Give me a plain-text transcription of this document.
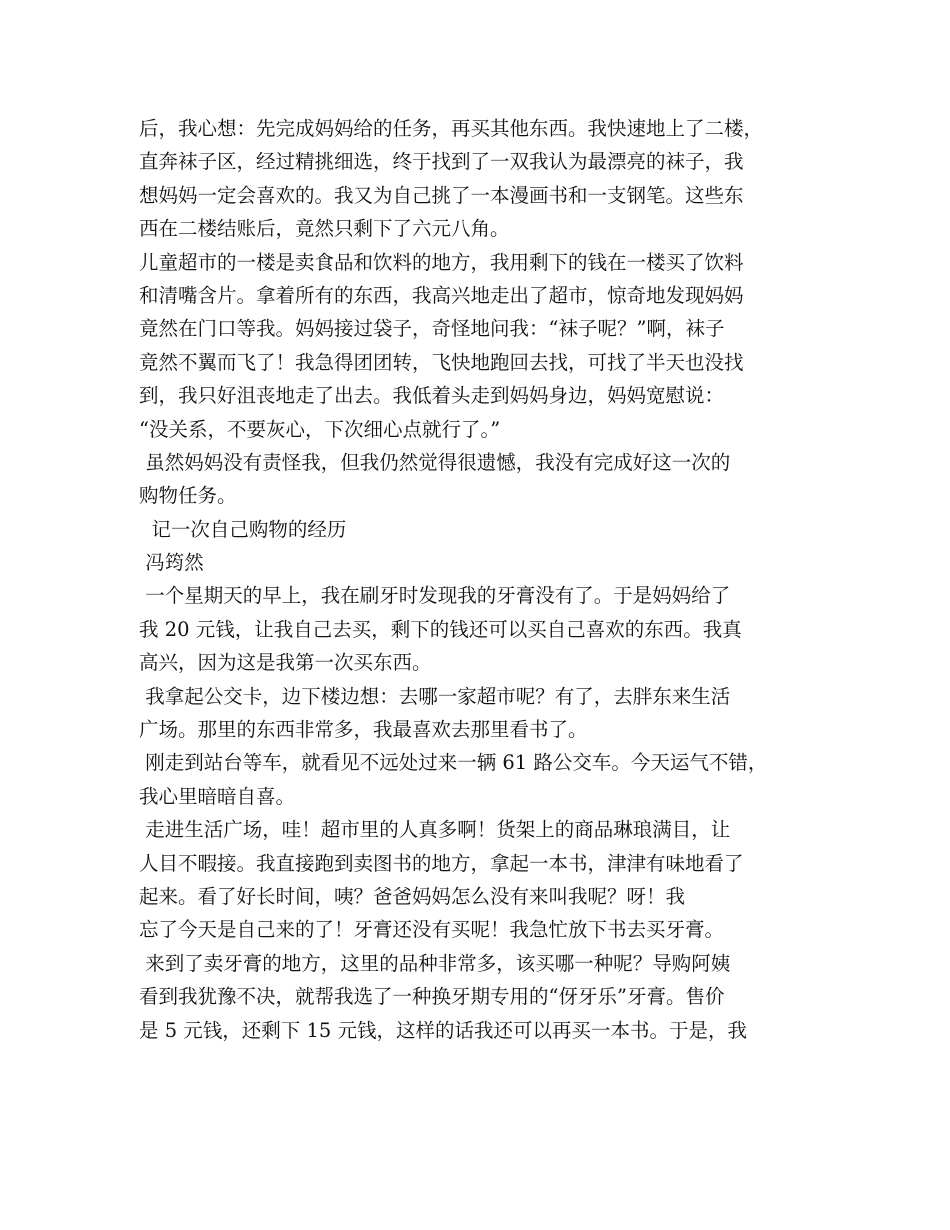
后，我心想：先完成妈妈给的任务，再买其他东西。我快速地上了二楼，
直奔袜子区，经过精挑细选，终于找到了一双我认为最漂亮的袜子，我
想妈妈一定会喜欢的。我又为自己挑了一本漫画书和一支钢笔。这些东
西在二楼结账后，竟然只剩下了六元八角。
儿童超市的一楼是卖食品和饮料的地方，我用剩下的钱在一楼买了饮料
和清嘴含片。拿着所有的东西，我高兴地走出了超市，惊奇地发现妈妈
竟然在门口等我。妈妈接过袋子，奇怪地问我：“袜子呢？”啊，袜子
竟然不翼而飞了！我急得团团转，飞快地跑回去找，可找了半天也没找
到，我只好沮丧地走了出去。我低着头走到妈妈身边，妈妈宽慰说：
“没关系，不要灰心，下次细心点就行了。”
虽然妈妈没有责怪我，但我仍然觉得很遗憾，我没有完成好这一次的
购物任务。
记一次自己购物的经历
冯筠然
一个星期天的早上，我在刷牙时发现我的牙膏没有了。于是妈妈给了
我 20 元钱，让我自己去买，剩下的钱还可以买自己喜欢的东西。我真
高兴，因为这是我第一次买东西。
我拿起公交卡，边下楼边想：去哪一家超市呢？有了，去胖东来生活
广场。那里的东西非常多，我最喜欢去那里看书了。
刚走到站台等车，就看见不远处过来一辆 61 路公交车。今天运气不错，
我心里暗暗自喜。
走进生活广场，哇！超市里的人真多啊！货架上的商品琳琅满目，让
人目不暇接。我直接跑到卖图书的地方，拿起一本书，津津有味地看了
起来。看了好长时间，咦？爸爸妈妈怎么没有来叫我呢？呀！我
忘了今天是自己来的了！牙膏还没有买呢！我急忙放下书去买牙膏。
来到了卖牙膏的地方，这里的品种非常多，该买哪一种呢？导购阿姨
看到我犹豫不决，就帮我选了一种换牙期专用的“伢牙乐”牙膏。售价
是 5 元钱，还剩下 15 元钱，这样的话我还可以再买一本书。于是，我
